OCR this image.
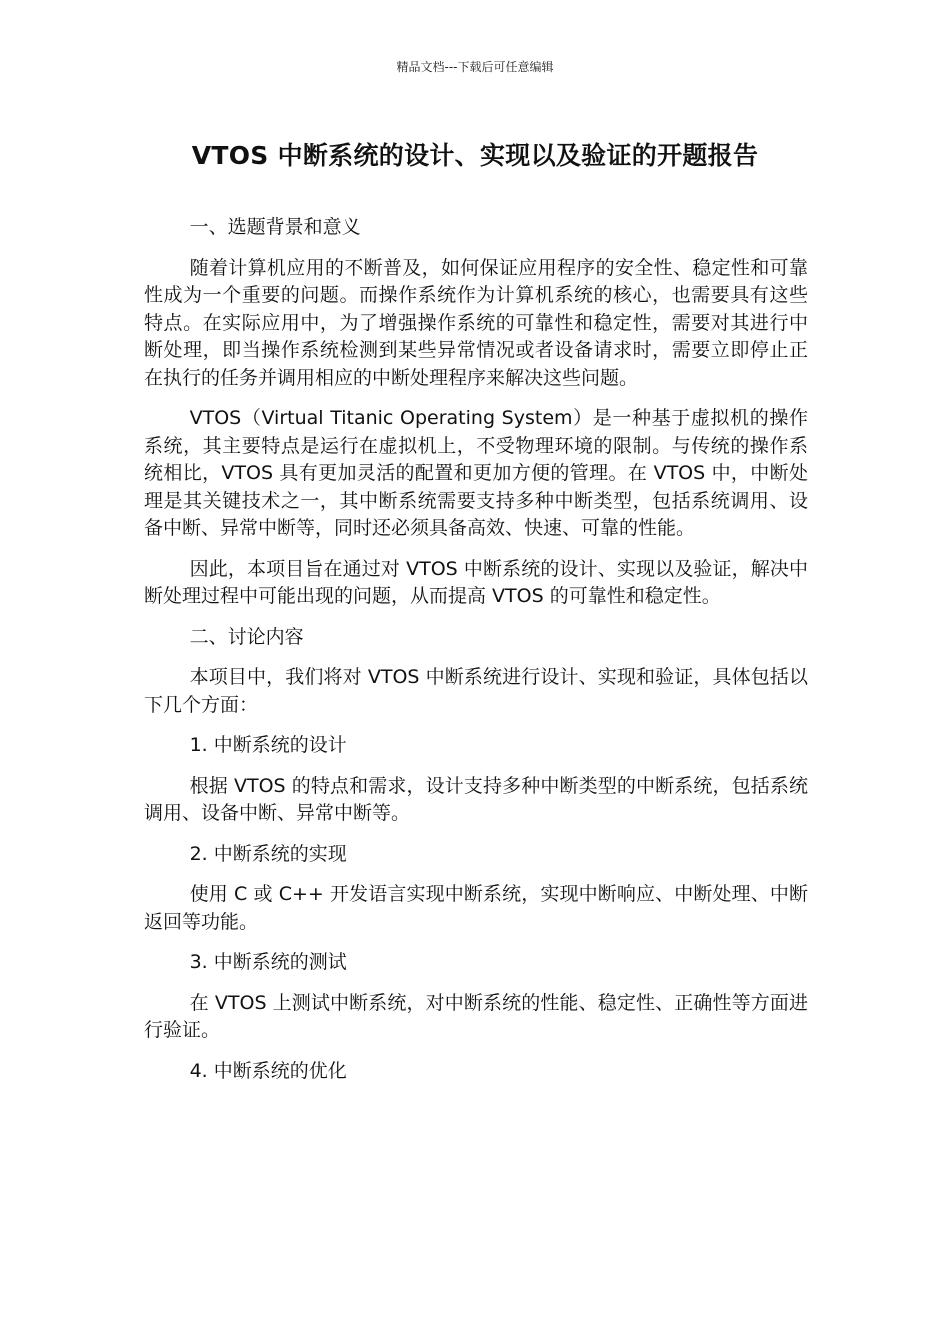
精品文档---下载后可任意编辑
VTOS 中断系统的设计、实现以及验证的开题报告

一、选题背景和意义

随着计算机应用的不断普及，如何保证应用程序的安全性、稳定性和可靠性成为一个重要的问题。而操作系统作为计算机系统的核心，也需要具有这些特点。在实际应用中，为了增强操作系统的可靠性和稳定性，需要对其进行中断处理，即当操作系统检测到某些异常情况或者设备请求时，需要立即停止正在执行的任务并调用相应的中断处理程序来解决这些问题。

VTOS（Virtual Titanic Operating System）是一种基于虚拟机的操作系统，其主要特点是运行在虚拟机上，不受物理环境的限制。与传统的操作系统相比，VTOS 具有更加灵活的配置和更加方便的管理。在 VTOS 中，中断处理是其关键技术之一，其中断系统需要支持多种中断类型，包括系统调用、设备中断、异常中断等，同时还必须具备高效、快速、可靠的性能。

因此，本项目旨在通过对 VTOS 中断系统的设计、实现以及验证，解决中断处理过程中可能出现的问题，从而提高 VTOS 的可靠性和稳定性。

二、讨论内容

本项目中，我们将对 VTOS 中断系统进行设计、实现和验证，具体包括以下几个方面：

1. 中断系统的设计

根据 VTOS 的特点和需求，设计支持多种中断类型的中断系统，包括系统调用、设备中断、异常中断等。

2. 中断系统的实现

使用 C 或 C++ 开发语言实现中断系统，实现中断响应、中断处理、中断返回等功能。

3. 中断系统的测试

在 VTOS 上测试中断系统，对中断系统的性能、稳定性、正确性等方面进行验证。

4. 中断系统的优化
